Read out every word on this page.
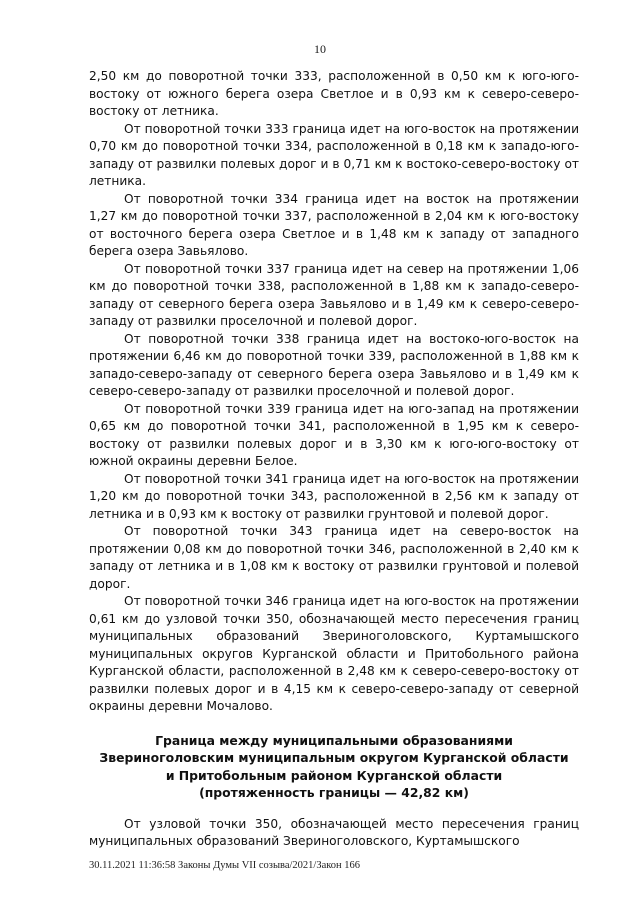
10

2,50 км до поворотной точки 333, расположенной в 0,50 км к юго-юго-востоку от южного берега озера Светлое и в 0,93 км к северо-северо-востоку от летника.

От поворотной точки 333 граница идет на юго-восток на протяжении 0,70 км до поворотной точки 334, расположенной в 0,18 км к западо-юго-западу от развилки полевых дорог и в 0,71 км к востоко-северо-востоку от летника.

От поворотной точки 334 граница идет на восток на протяжении 1,27 км до поворотной точки 337, расположенной в 2,04 км к юго-востоку от восточного берега озера Светлое и в 1,48 км к западу от западного берега озера Завьялово.

От поворотной точки 337 граница идет на север на протяжении 1,06 км до поворотной точки 338, расположенной в 1,88 км к западо-северо-западу от северного берега озера Завьялово и в 1,49 км к северо-северо-западу от развилки проселочной и полевой дорог.

От поворотной точки 338 граница идет на востоко-юго-восток на протяжении 6,46 км до поворотной точки 339, расположенной в 1,88 км к западо-северо-западу от северного берега озера Завьялово и в 1,49 км к северо-северо-западу от развилки проселочной и полевой дорог.

От поворотной точки 339 граница идет на юго-запад на протяжении 0,65 км до поворотной точки 341, расположенной в 1,95 км к северо-востоку от развилки полевых дорог и в 3,30 км к юго-юго-востоку от южной окраины деревни Белое.

От поворотной точки 341 граница идет на юго-восток на протяжении 1,20 км до поворотной точки 343, расположенной в 2,56 км к западу от летника и в 0,93 км к востоку от развилки грунтовой и полевой дорог.

От поворотной точки 343 граница идет на северо-восток на протяжении 0,08 км до поворотной точки 346, расположенной в 2,40 км к западу от летника и в 1,08 км к востоку от развилки грунтовой и полевой дорог.

От поворотной точки 346 граница идет на юго-восток на протяжении 0,61 км до узловой точки 350, обозначающей место пересечения границ муниципальных образований Звериноголовского, Куртамышского муниципальных округов Курганской области и Притобольного района Курганской области, расположенной в 2,48 км к северо-северо-востоку от развилки полевых дорог и в 4,15 км к северо-северо-западу от северной окраины деревни Мочалово.

Граница между муниципальными образованиями
Звериноголовским муниципальным округом Курганской области
и Притобольным районом Курганской области
(протяженность границы — 42,82 км)

От узловой точки 350, обозначающей место пересечения границ муниципальных образований Звериноголовского, Куртамышского

30.11.2021 11:36:58 Законы Думы VII созыва/2021/Закон 166
